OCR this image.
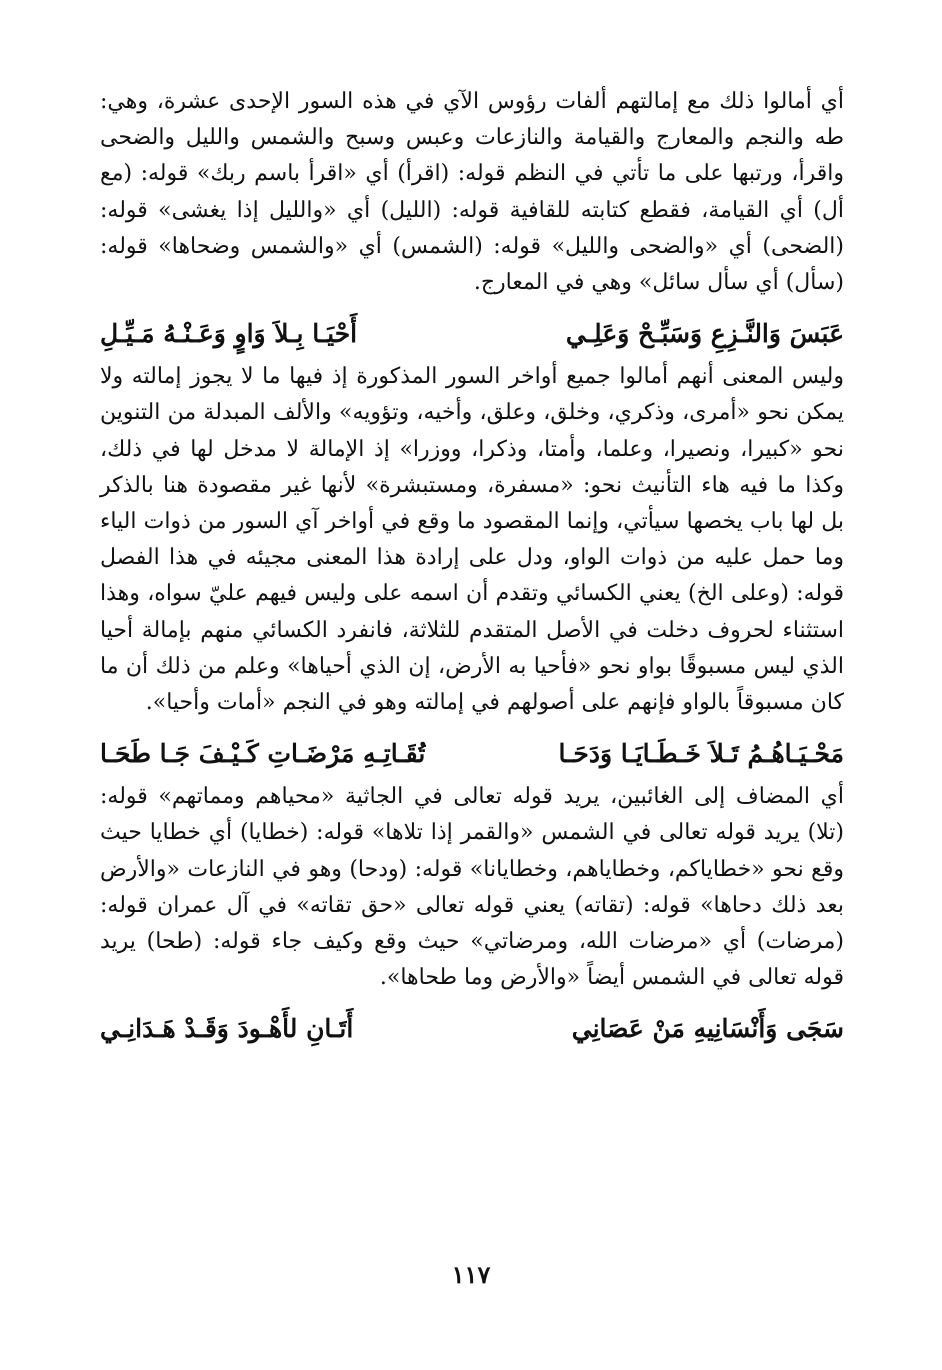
أي أمالوا ذلك مع إمالتهم ألفات رؤوس الآي في هذه السور الإحدى عشرة، وهي: طه والنجم والمعارج والقيامة والنازعات وعبس وسبح والشمس والليل والضحى واقرأ، ورتبها على ما تأتي في النظم قوله: (اقرأ) أي «اقرأ باسم ربك» قوله: (مع أل) أي القيامة، فقطع كتابته للقافية قوله: (الليل) أي «والليل إذا يغشى» قوله: (الضحى) أي «والضحى والليل» قوله: (الشمس) أي «والشمس وضحاها» قوله: (سأل) أي سأل سائل» وهي في المعارج.

عَبَسَ وَالنَّـزِعِ وَسَبِّـحْ وَعَلِـي
أَحْيَـا بِـلاَ وَاوٍ وَعَـنْـهُ مَـيِّـلِ

وليس المعنى أنهم أمالوا جميع أواخر السور المذكورة إذ فيها ما لا يجوز إمالته ولا يمكن نحو «أمرى، وذكري، وخلق، وعلق، وأخيه، وتؤويه» والألف المبدلة من التنوين نحو «كبيرا، ونصيرا، وعلما، وأمتا، وذكرا، ووزرا» إذ الإمالة لا مدخل لها في ذلك، وكذا ما فيه هاء التأنيث نحو: «مسفرة، ومستبشرة» لأنها غير مقصودة هنا بالذكر بل لها باب يخصها سيأتي، وإنما المقصود ما وقع في أواخر آي السور من ذوات الياء وما حمل عليه من ذوات الواو، ودل على إرادة هذا المعنى مجيئه في هذا الفصل قوله: (وعلى الخ) يعني الكسائي وتقدم أن اسمه على وليس فيهم عليّ سواه، وهذا استثناء لحروف دخلت في الأصل المتقدم للثلاثة، فانفرد الكسائي منهم بإمالة أحيا الذي ليس مسبوقًا بواو نحو «فأحيا به الأرض، إن الذي أحياها» وعلم من ذلك أن ما كان مسبوقاً بالواو فإنهم على أصولهم في إمالته وهو في النجم «أمات وأحيا».

مَحْـيَـاهُـمُ تَـلاَ خَـطَـايَـا وَدَحَـا
تُقَـاتِـهِ مَرْضَـاتِ كَـيْـفَ جَـا طَحَـا

أي المضاف إلى الغائبين، يريد قوله تعالى في الجاثية «محياهم ومماتهم» قوله: (تلا) يريد قوله تعالى في الشمس «والقمر إذا تلاها» قوله: (خطايا) أي خطايا حيث وقع نحو «خطاياكم، وخطاياهم، وخطايانا» قوله: (ودحا) وهو في النازعات «والأرض بعد ذلك دحاها» قوله: (تقاته) يعني قوله تعالى «حق تقاته» في آل عمران قوله: (مرضات) أي «مرضات الله، ومرضاتي» حيث وقع وكيف جاء قوله: (طحا) يريد قوله تعالى في الشمس أيضاً «والأرض وما طحاها».

سَجَى وَأَنْسَانِيهِ مَنْ عَصَانِي
أَتَـانِ لأَهْـودَ وَقَـدْ هَـدَانِـي
١١٧
